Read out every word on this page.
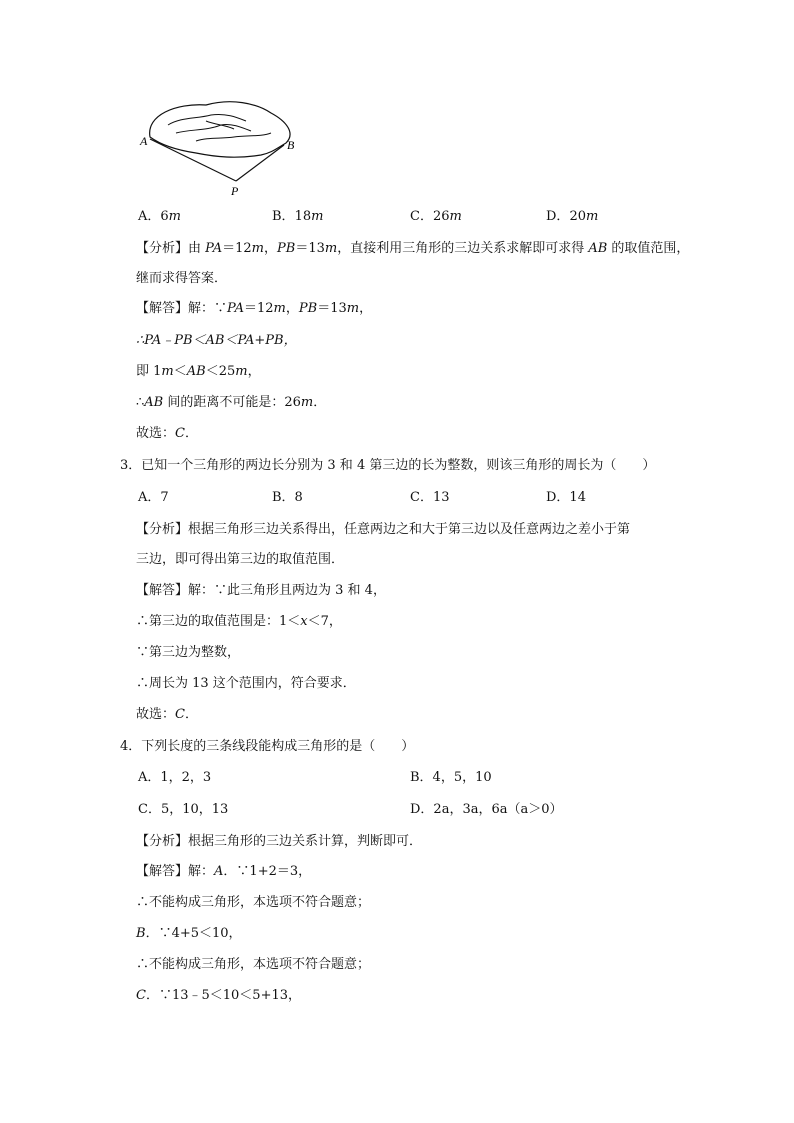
A	B
P
A．6m	B．18m	C．26m	D．20m
【分析】由 PA＝12m，PB＝13m，直接利用三角形的三边关系求解即可求得 AB 的取值范围，
继而求得答案．
【解答】解：∵PA＝12m，PB＝13m，
∴PA﹣PB＜AB＜PA+PB，
即 1m＜AB＜25m，
∴AB 间的距离不可能是：26m．
故选：C．
3．已知一个三角形的两边长分别为 3 和 4 第三边的长为整数，则该三角形的周长为（　　）
A．7	B．8	C．13	D．14
【分析】根据三角形三边关系得出，任意两边之和大于第三边以及任意两边之差小于第
三边，即可得出第三边的取值范围．
【解答】解：∵此三角形且两边为 3 和 4，
∴第三边的取值范围是：1＜x＜7，
∵第三边为整数，
∴周长为 13 这个范围内，符合要求．
故选：C．
4．下列长度的三条线段能构成三角形的是（　　）
A．1，2，3	B．4，5，10
C．5，10，13	D．2a，3a，6a（a＞0）
【分析】根据三角形的三边关系计算，判断即可．
【解答】解：A．∵1+2＝3，
∴不能构成三角形，本选项不符合题意；
B．∵4+5＜10，
∴不能构成三角形，本选项不符合题意；
C．∵13﹣5＜10＜5+13，
